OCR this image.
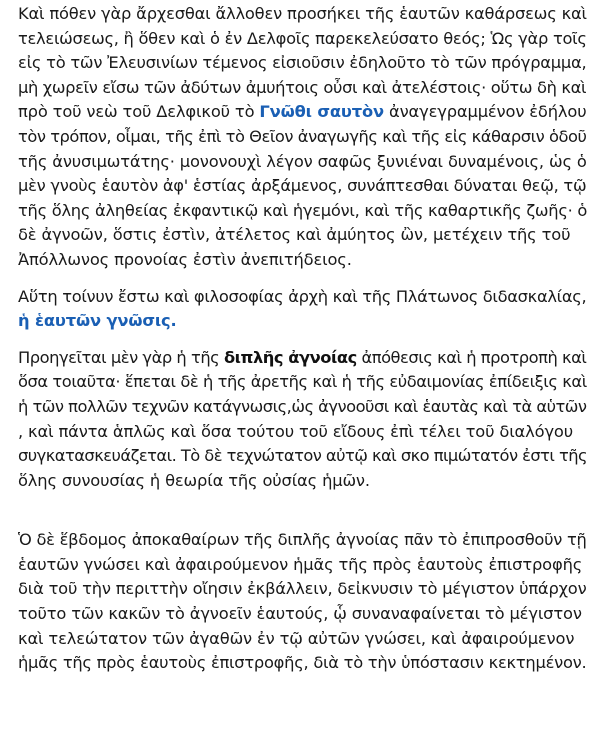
Καὶ πόθεν γὰρ ἄρχεσθαι ἄλλοθεν προσήκει τῆς ἑαυτῶν καθάρσεως καὶ

τελειώσεως, ἢ ὅθεν καὶ ὁ ἐν Δελφοῖς παρεκελεύσατο θεός; Ὡς γὰρ τοῖς

εἰς τὸ τῶν Ἐλευσινίων τέμενος εἰσιοῦσιν ἐδηλοῦτο τὸ τῶν πρόγραμμα,

μὴ χωρεῖν εἴσω τῶν ἀδύτων ἀμυήτοις οὖσι καὶ ἀτελέστοις· οὕτω δὴ καὶ

πρὸ τοῦ νεὼ τοῦ Δελφικοῦ τὸ Γνῶθι σαυτὸν ἀναγεγραμμένον ἐδήλου

τὸν τρόπον, οἶμαι, τῆς ἐπὶ τὸ Θεῖον ἀναγωγῆς καὶ τῆς εἰς κάθαρσιν ὁδοῦ

τῆς ἀνυσιμωτάτης· μονονουχὶ λέγον σαφῶς ξυνιέναι δυναμένοις, ὡς ὁ

μὲν γνοὺς ἑαυτὸν ἀφ' ἑστίας ἀρξάμενος, συνάπτεσθαι δύναται θεῷ, τῷ

τῆς ὅλης ἀληθείας ἐκφαντικῷ καὶ ἡγεμόνι, καὶ τῆς καθαρτικῆς ζωῆς· ὁ

δὲ ἀγνοῶν, ὅστις ἐστὶν, ἀτέλετος καὶ ἀμύητος ὢν, μετέχειν τῆς τοῦ

Ἀπόλλωνος προνοίας ἐστὶν ἀνεπιτήδειος.

Αὕτη τοίνυν ἔστω καὶ φιλοσοφίας ἀρχὴ καὶ τῆς Πλάτωνος διδασκαλίας,

ἡ ἑαυτῶν γνῶσις.

Προηγεῖται μὲν γὰρ ἡ τῆς διπλῆς ἀγνοίας ἀπόθεσις καὶ ἡ προτροπὴ καὶ

ὅσα τοιαῦτα· ἕπεται δὲ ἡ τῆς ἀρετῆς καὶ ἡ τῆς εὐδαιμονίας ἐπίδειξις καὶ

ἡ τῶν πολλῶν τεχνῶν κατάγνωσις,ὡς ἀγνοοῦσι καὶ ἑαυτὰς καὶ τὰ αὑτῶν

, καὶ πάντα ἁπλῶς καὶ ὅσα τούτου τοῦ εἴδους ἐπὶ τέλει τοῦ διαλόγου

συγκατασκευάζεται. Τὸ δὲ τεχνώτατον αὐτῷ καὶ σκο πιμώτατόν ἐστι τῆς

ὅλης συνουσίας ἡ θεωρία τῆς οὐσίας ἡμῶν.

Ὁ δὲ ἕβδομος ἀποκαθαίρων τῆς διπλῆς ἀγνοίας πᾶν τὸ ἐπιπροσθοῦν τῇ

ἑαυτῶν γνώσει καὶ ἀφαιρούμενον ἡμᾶς τῆς πρὸς ἑαυτοὺς ἐπιστροφῆς

διὰ τοῦ τὴν περιττὴν οἴησιν ἐκβάλλειν, δεἰκνυσιν τὸ μέγιστον ὑπάρχον

τοῦτο τῶν κακῶν τὸ ἀγνοεῖν ἑαυτούς, ᾧ συναναφαίνεται τὸ μέγιστον

καὶ τελεώτατον τῶν ἀγαθῶν ἐν τῷ αὐτῶν γνώσει, καὶ ἀφαιρούμενον

ἡμᾶς τῆς πρὸς ἑαυτοὺς ἐπιστροφῆς, διὰ τὸ τὴν ὑπόστασιν κεκτημένον.
